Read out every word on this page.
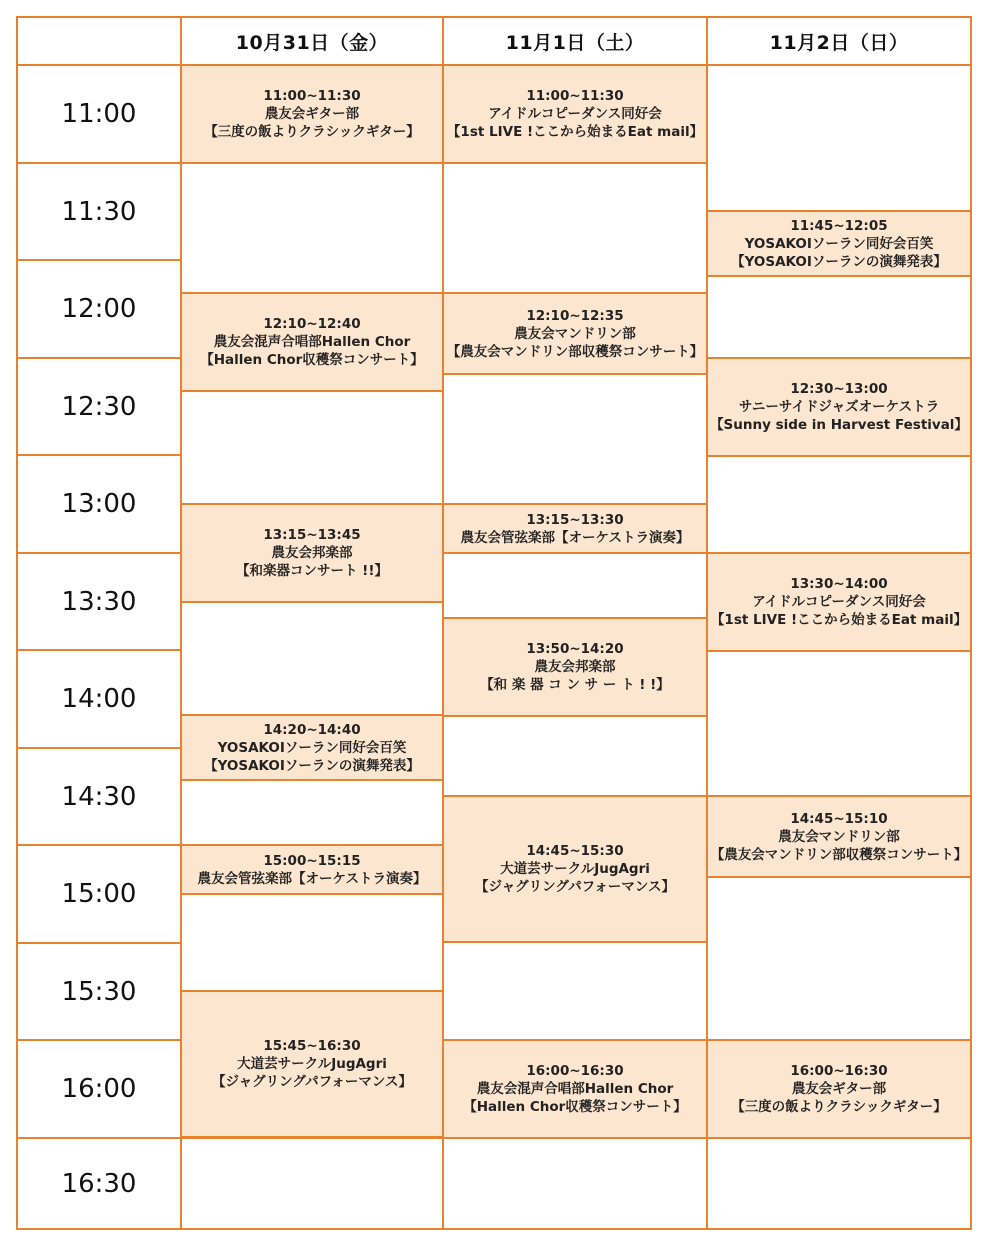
10月31日（金）	11月1日（土）	11月2日（日）
11:00
11:30
12:00
12:30
13:00
13:30
14:00
14:30
15:00
15:30
16:00
16:30
11:00~11:30
農友会ギター部
【三度の飯よりクラシックギター】
12:10~12:40
農友会混声合唱部Hallen Chor
【Hallen Chor収穫祭コンサート】
13:15~13:45
農友会邦楽部
【和楽器コンサート !!】
14:20~14:40
YOSAKOIソーラン同好会百笑
【YOSAKOIソーランの演舞発表】
15:00~15:15
農友会管弦楽部【オーケストラ演奏】
15:45~16:30
大道芸サークルJugAgri
【ジャグリングパフォーマンス】
11:00~11:30
アイドルコピーダンス同好会
【1st LIVE !ここから始まるEat mail】
12:10~12:35
農友会マンドリン部
【農友会マンドリン部収穫祭コンサート】
13:15~13:30
農友会管弦楽部【オーケストラ演奏】
13:50~14:20
農友会邦楽部
【和 楽 器 コ ン サ ー ト ! !】
14:45~15:30
大道芸サークルJugAgri
【ジャグリングパフォーマンス】
16:00~16:30
農友会混声合唱部Hallen Chor
【Hallen Chor収穫祭コンサート】
11:45~12:05
YOSAKOIソーラン同好会百笑
【YOSAKOIソーランの演舞発表】
12:30~13:00
サニーサイドジャズオーケストラ
【Sunny side in Harvest Festival】
13:30~14:00
アイドルコピーダンス同好会
【1st LIVE !ここから始まるEat mail】
14:45~15:10
農友会マンドリン部
【農友会マンドリン部収穫祭コンサート】
16:00~16:30
農友会ギター部
【三度の飯よりクラシックギター】
